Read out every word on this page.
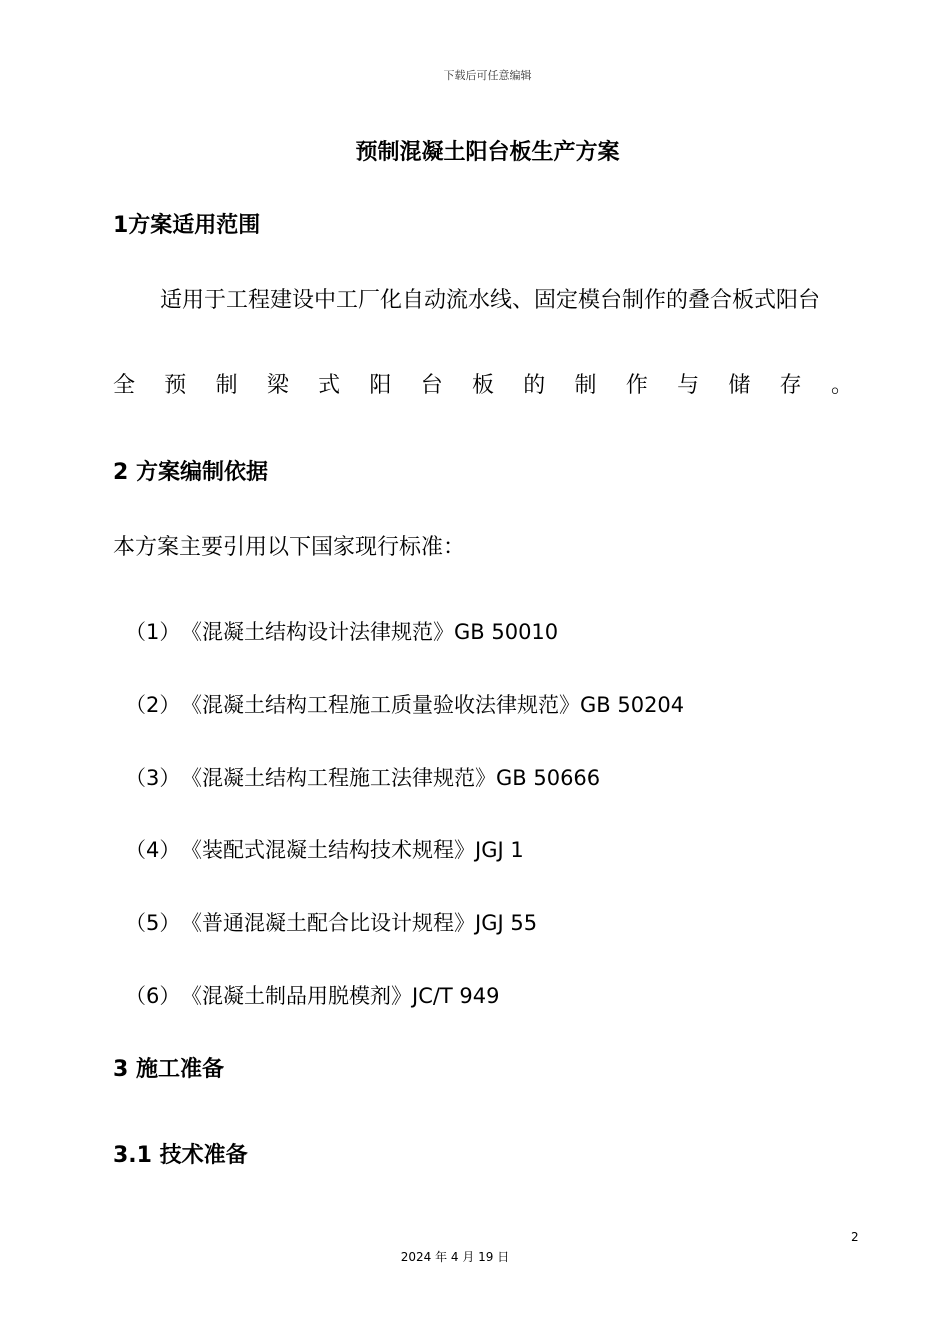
下载后可任意编辑
预制混凝土阳台板生产方案
1方案适用范围
适用于工程建设中工厂化自动流水线、固定模台制作的叠合板式阳台
全 预 制 梁 式 阳 台 板 的 制 作 与 储 存 。
2 方案编制依据
本方案主要引用以下国家现行标准：
（1）《混凝土结构设计法律规范》GB 50010
（2）《混凝土结构工程施工质量验收法律规范》GB 50204
（3）《混凝土结构工程施工法律规范》GB 50666
（4）《装配式混凝土结构技术规程》JGJ 1
（5）《普通混凝土配合比设计规程》JGJ 55
（6）《混凝土制品用脱模剂》JC/T 949
3 施工准备
3.1 技术准备
2
2024 年 4 月 19 日
